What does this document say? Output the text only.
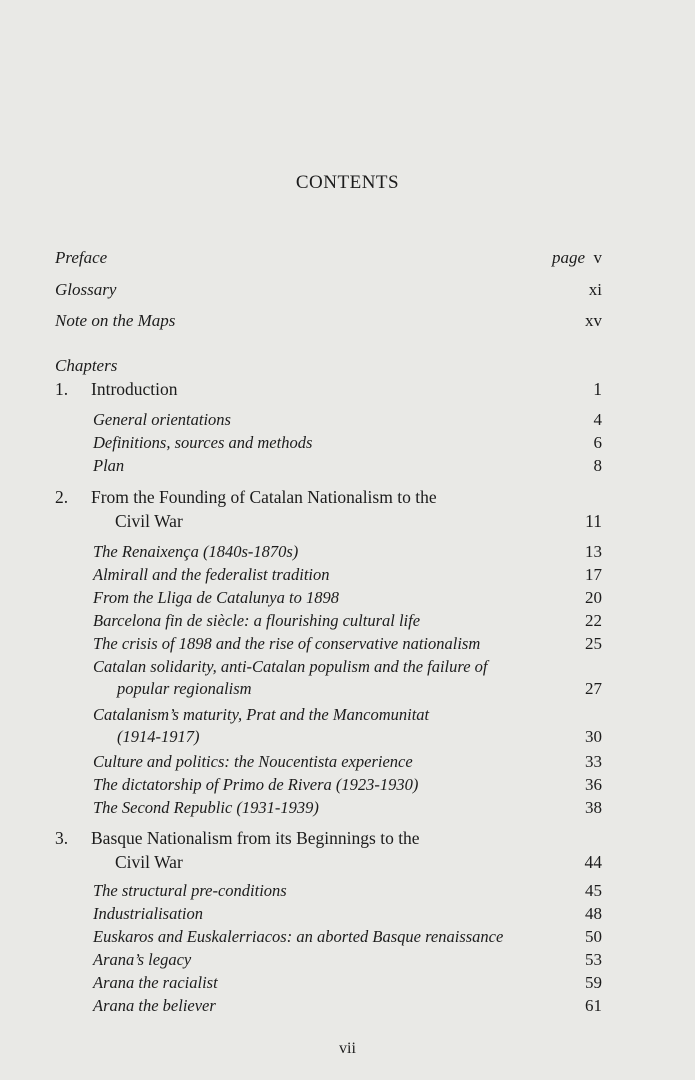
CONTENTS
Preface	page v
Glossary	xi
Note on the Maps	xv
Chapters
1. Introduction	1
General orientations	4
Definitions, sources and methods	6
Plan	8
2. From the Founding of Catalan Nationalism to the
Civil War	11
The Renaixença (1840s-1870s)	13
Almirall and the federalist tradition	17
From the Lliga de Catalunya to 1898	20
Barcelona fin de siècle: a flourishing cultural life	22
The crisis of 1898 and the rise of conservative nationalism	25
Catalan solidarity, anti-Catalan populism and the failure of
popular regionalism	27
Catalanism’s maturity, Prat and the Mancomunitat
(1914-1917)	30
Culture and politics: the Noucentista experience	33
The dictatorship of Primo de Rivera (1923-1930)	36
The Second Republic (1931-1939)	38
3. Basque Nationalism from its Beginnings to the
Civil War	44
The structural pre-conditions	45
Industrialisation	48
Euskaros and Euskalerriacos: an aborted Basque renaissance	50
Arana’s legacy	53
Arana the racialist	59
Arana the believer	61
vii
